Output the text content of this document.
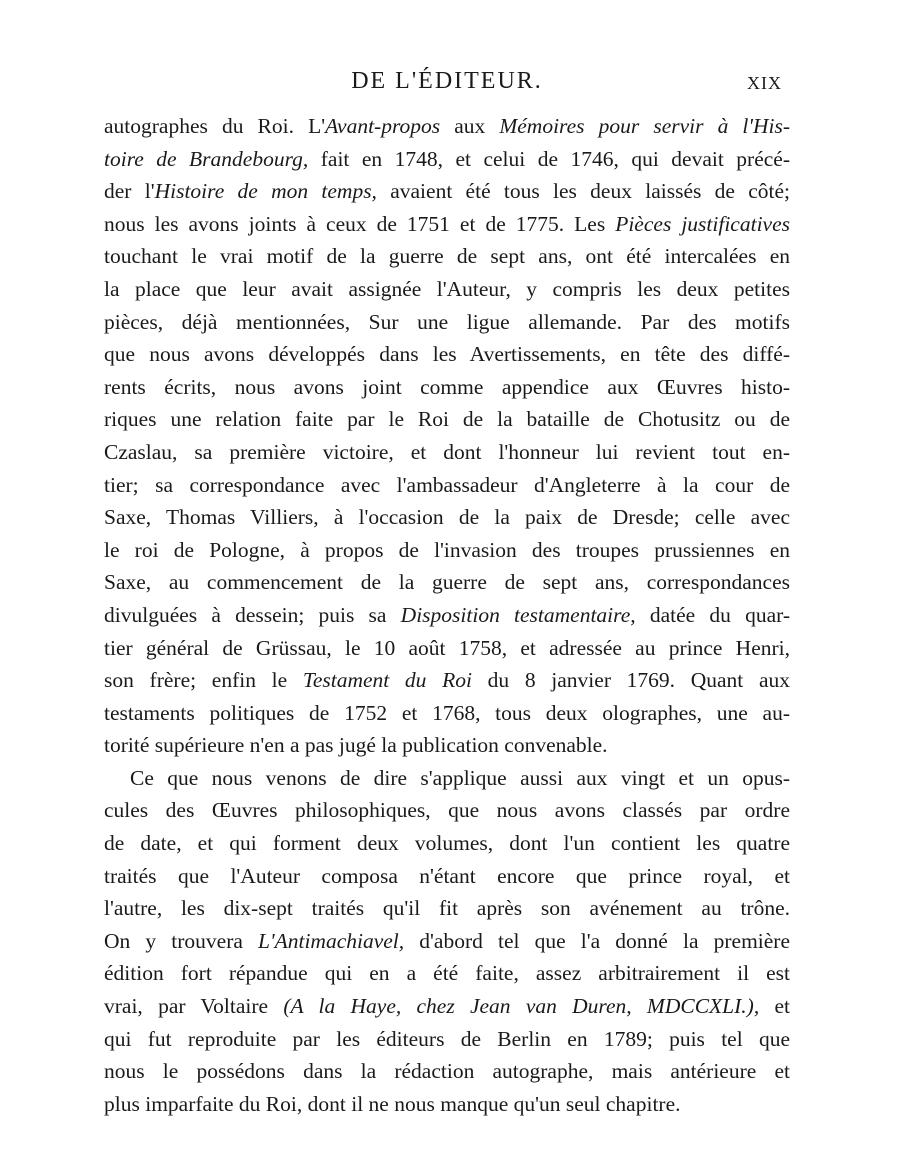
DE L'ÉDITEUR.	XIX
autographes du Roi. L'Avant-propos aux Mémoires pour servir à l'His-
toire de Brandebourg, fait en 1748, et celui de 1746, qui devait précé-
der l'Histoire de mon temps, avaient été tous les deux laissés de côté;
nous les avons joints à ceux de 1751 et de 1775. Les Pièces justificatives
touchant le vrai motif de la guerre de sept ans, ont été intercalées en
la place que leur avait assignée l'Auteur, y compris les deux petites
pièces, déjà mentionnées, Sur une ligue allemande. Par des motifs
que nous avons développés dans les Avertissements, en tête des diffé-
rents écrits, nous avons joint comme appendice aux Œuvres histo-
riques une relation faite par le Roi de la bataille de Chotusitz ou de
Czaslau, sa première victoire, et dont l'honneur lui revient tout en-
tier; sa correspondance avec l'ambassadeur d'Angleterre à la cour de
Saxe, Thomas Villiers, à l'occasion de la paix de Dresde; celle avec
le roi de Pologne, à propos de l'invasion des troupes prussiennes en
Saxe, au commencement de la guerre de sept ans, correspondances
divulguées à dessein; puis sa Disposition testamentaire, datée du quar-
tier général de Grüssau, le 10 août 1758, et adressée au prince Henri,
son frère; enfin le Testament du Roi du 8 janvier 1769. Quant aux
testaments politiques de 1752 et 1768, tous deux olographes, une au-
torité supérieure n'en a pas jugé la publication convenable.
Ce que nous venons de dire s'applique aussi aux vingt et un opus-
cules des Œuvres philosophiques, que nous avons classés par ordre
de date, et qui forment deux volumes, dont l'un contient les quatre
traités que l'Auteur composa n'étant encore que prince royal, et
l'autre, les dix-sept traités qu'il fit après son avénement au trône.
On y trouvera L'Antimachiavel, d'abord tel que l'a donné la première
édition fort répandue qui en a été faite, assez arbitrairement il est
vrai, par Voltaire (A la Haye, chez Jean van Duren, MDCCXLI.), et
qui fut reproduite par les éditeurs de Berlin en 1789; puis tel que
nous le possédons dans la rédaction autographe, mais antérieure et
plus imparfaite du Roi, dont il ne nous manque qu'un seul chapitre.
